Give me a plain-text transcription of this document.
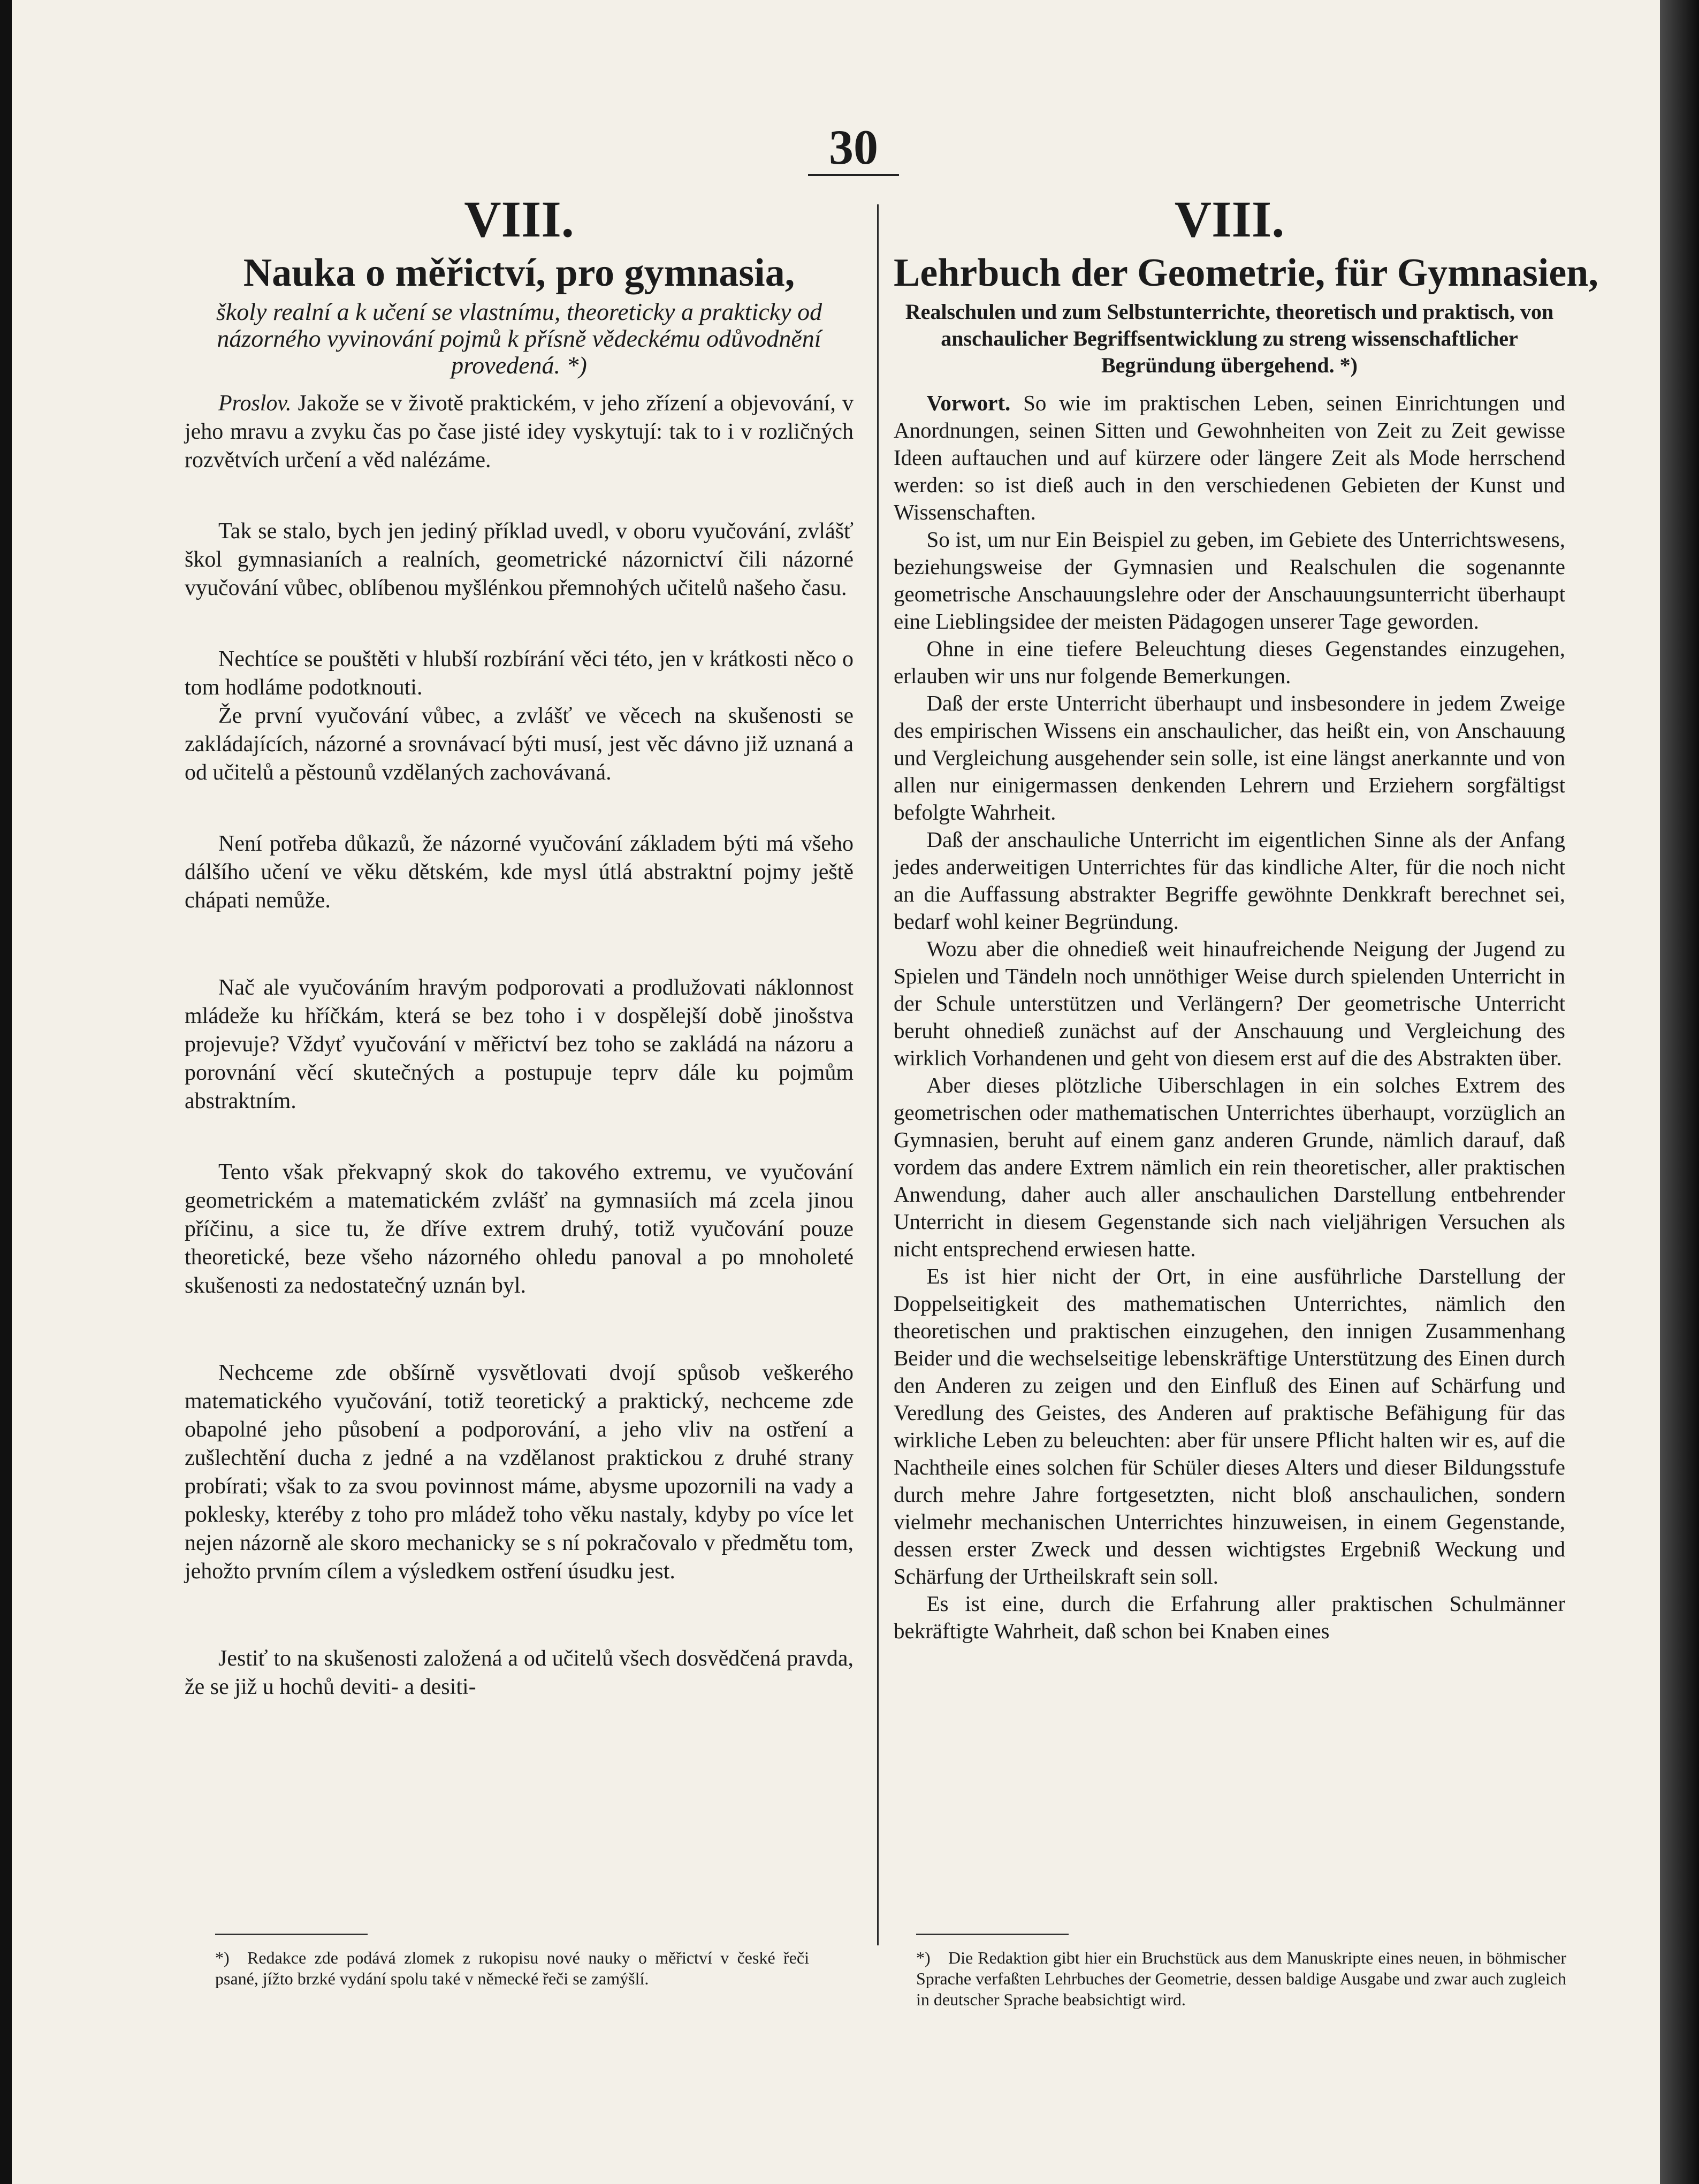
30
VIII.
Nauka o měřictví, pro gymnasia,
školy realní a k učení se vlastnímu, theoreticky a prakticky od názorného vyvinování pojmů k přísně vědeckému odůvodnění provedená. *)

Proslov. Jakože se v životě praktickém, v jeho zřízení a objevování, v jeho mravu a zvyku čas po čase jisté idey vyskytují: tak to i v rozličných rozvětvích určení a věd nalézáme.

Tak se stalo, bych jen jediný příklad uvedl, v oboru vyučování, zvlášť škol gymnasianích a realních, geometrické názornictví čili názorné vyučování vůbec, oblíbenou myšlénkou přemnohých učitelů našeho času.

Nechtíce se pouštěti v hlubší rozbírání věci této, jen v krátkosti něco o tom hodláme podotknouti.

Že první vyučování vůbec, a zvlášť ve věcech na skušenosti se zakládajících, názorné a srovnávací býti musí, jest věc dávno již uznaná a od učitelů a pěstounů vzdělaných zachovávaná.

Není potřeba důkazů, že názorné vyučování základem býti má všeho dálšího učení ve věku dětském, kde mysl útlá abstraktní pojmy ještě chápati nemůže.

Nač ale vyučováním hravým podporovati a prodlužovati náklonnost mládeže ku hříčkám, která se bez toho i v dospělejší době jinošstva projevuje? Vždyť vyučování v měřictví bez toho se zakládá na názoru a porovnání věcí skutečných a postupuje teprv dále ku pojmům abstraktním.

Tento však překvapný skok do takového extremu, ve vyučování geometrickém a matematickém zvlášť na gymnasiích má zcela jinou příčinu, a sice tu, že dříve extrem druhý, totiž vyučování pouze theoretické, beze všeho názorného ohledu panoval a po mnoholeté skušenosti za nedostatečný uznán byl.

Nechceme zde obšírně vysvětlovati dvojí spůsob veškerého matematického vyučování, totiž teoretický a praktický, nechceme zde obapolné jeho působení a podporování, a jeho vliv na ostření a zušlechtění ducha z jedné a na vzdělanost praktickou z druhé strany probírati; však to za svou povinnost máme, abysme upozornili na vady a poklesky, kteréby z toho pro mládež toho věku nastaly, kdyby po více let nejen názorně ale skoro mechanicky se s ní pokračovalo v předmětu tom, jehožto prvním cílem a výsledkem ostření úsudku jest.

Jestiť to na skušenosti založená a od učitelů všech dosvědčená pravda, že se již u hochů deviti- a desiti-

VIII.
Lehrbuch der Geometrie, für Gymnasien,
Realschulen und zum Selbstunterrichte, theoretisch und praktisch, von anschaulicher Begriffsentwicklung zu streng wissenschaftlicher Begründung übergehend. *)

Vorwort. So wie im praktischen Leben, seinen Einrichtungen und Anordnungen, seinen Sitten und Gewohnheiten von Zeit zu Zeit gewisse Ideen auftauchen und auf kürzere oder längere Zeit als Mode herrschend werden: so ist dieß auch in den verschiedenen Gebieten der Kunst und Wissenschaften.

So ist, um nur Ein Beispiel zu geben, im Gebiete des Unterrichtswesens, beziehungsweise der Gymnasien und Realschulen die sogenannte geometrische Anschauungslehre oder der Anschauungsunterricht überhaupt eine Lieblingsidee der meisten Pädagogen unserer Tage geworden.

Ohne in eine tiefere Beleuchtung dieses Gegenstandes einzugehen, erlauben wir uns nur folgende Bemerkungen.

Daß der erste Unterricht überhaupt und insbesondere in jedem Zweige des empirischen Wissens ein anschaulicher, das heißt ein, von Anschauung und Vergleichung ausgehender sein solle, ist eine längst anerkannte und von allen nur einigermassen denkenden Lehrern und Erziehern sorgfältigst befolgte Wahrheit.

Daß der anschauliche Unterricht im eigentlichen Sinne als der Anfang jedes anderweitigen Unterrichtes für das kindliche Alter, für die noch nicht an die Auffassung abstrakter Begriffe gewöhnte Denkkraft berechnet sei, bedarf wohl keiner Begründung.

Wozu aber die ohnedieß weit hinaufreichende Neigung der Jugend zu Spielen und Tändeln noch unnöthiger Weise durch spielenden Unterricht in der Schule unterstützen und Verlängern? Der geometrische Unterricht beruht ohnedieß zunächst auf der Anschauung und Vergleichung des wirklich Vorhandenen und geht von diesem erst auf die des Abstrakten über.

Aber dieses plötzliche Uiberschlagen in ein solches Extrem des geometrischen oder mathematischen Unterrichtes überhaupt, vorzüglich an Gymnasien, beruht auf einem ganz anderen Grunde, nämlich darauf, daß vordem das andere Extrem nämlich ein rein theoretischer, aller praktischen Anwendung, daher auch aller anschaulichen Darstellung entbehrender Unterricht in diesem Gegenstande sich nach vieljährigen Versuchen als nicht entsprechend erwiesen hatte.

Es ist hier nicht der Ort, in eine ausführliche Darstellung der Doppelseitigkeit des mathematischen Unterrichtes, nämlich den theoretischen und praktischen einzugehen, den innigen Zusammenhang Beider und die wechselseitige lebenskräftige Unterstützung des Einen durch den Anderen zu zeigen und den Einfluß des Einen auf Schärfung und Veredlung des Geistes, des Anderen auf praktische Befähigung für das wirkliche Leben zu beleuchten: aber für unsere Pflicht halten wir es, auf die Nachtheile eines solchen für Schüler dieses Alters und dieser Bildungsstufe durch mehre Jahre fortgesetzten, nicht bloß anschaulichen, sondern vielmehr mechanischen Unterrichtes hinzuweisen, in einem Gegenstande, dessen erster Zweck und dessen wichtigstes Ergebniß Weckung und Schärfung der Urtheilskraft sein soll.

Es ist eine, durch die Erfahrung aller praktischen Schulmänner bekräftigte Wahrheit, daß schon bei Knaben eines

*) Redakce zde podává zlomek z rukopisu nové nauky o měřictví v české řeči psané, jížto brzké vydání spolu také v německé řeči se zamýšlí.
*) Die Redaktion gibt hier ein Bruchstück aus dem Manuskripte eines neuen, in böhmischer Sprache verfaßten Lehrbuches der Geometrie, dessen baldige Ausgabe und zwar auch zugleich in deutscher Sprache beabsichtigt wird.
